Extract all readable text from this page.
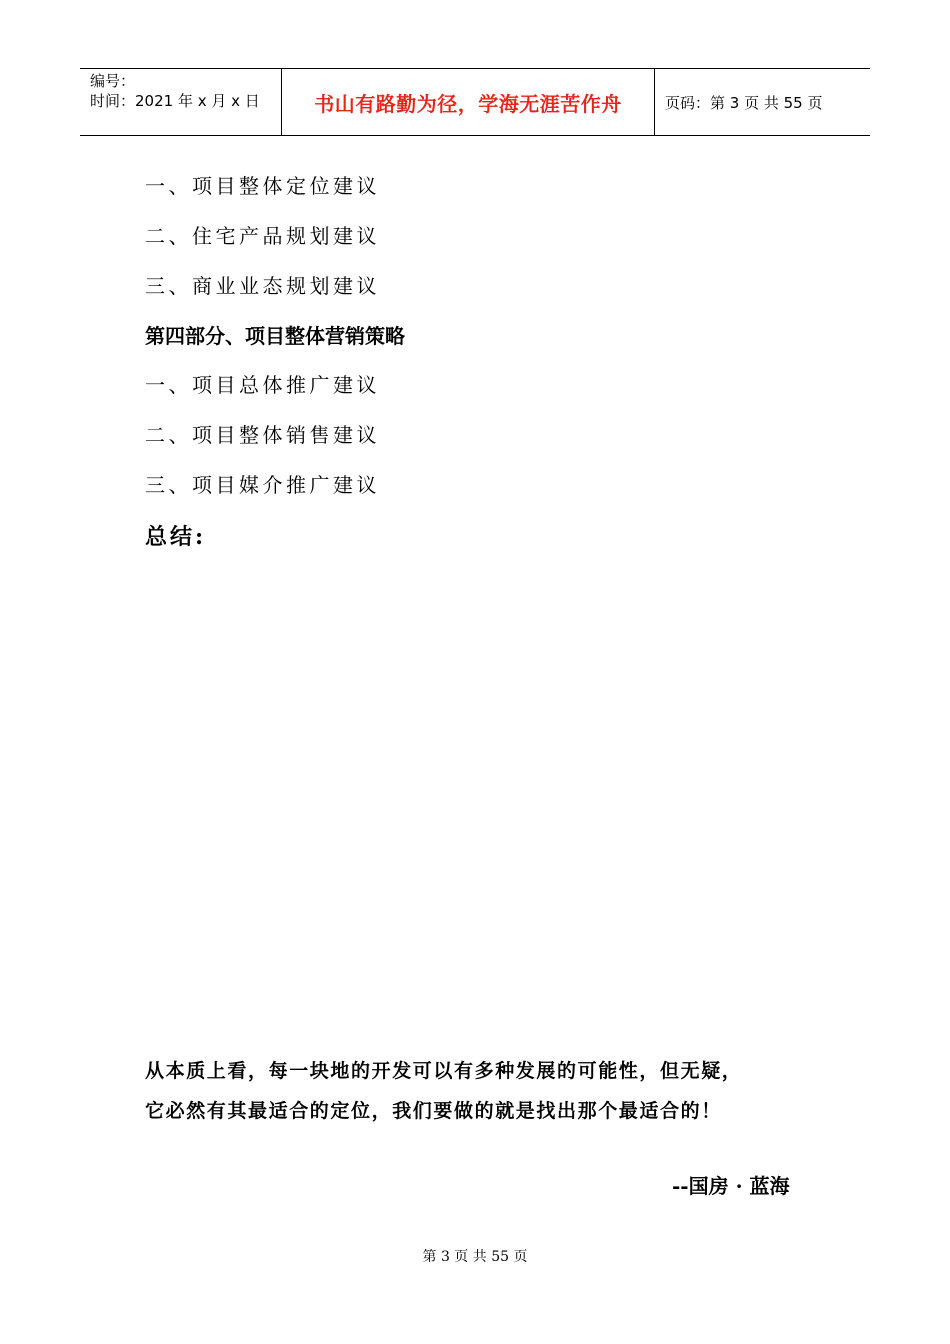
编号：
时间：2021 年 x 月 x 日	书山有路勤为径，学海无涯苦作舟	页码：第 3 页 共 55 页
一、项目整体定位建议
二、住宅产品规划建议
三、商业业态规划建议
第四部分、项目整体营销策略
一、项目总体推广建议
二、项目整体销售建议
三、项目媒介推广建议
总结:
从本质上看，每一块地的开发可以有多种发展的可能性，但无疑，
它必然有其最适合的定位，我们要做的就是找出那个最适合的！
--国房 · 蓝海
第 3 页 共 55 页
